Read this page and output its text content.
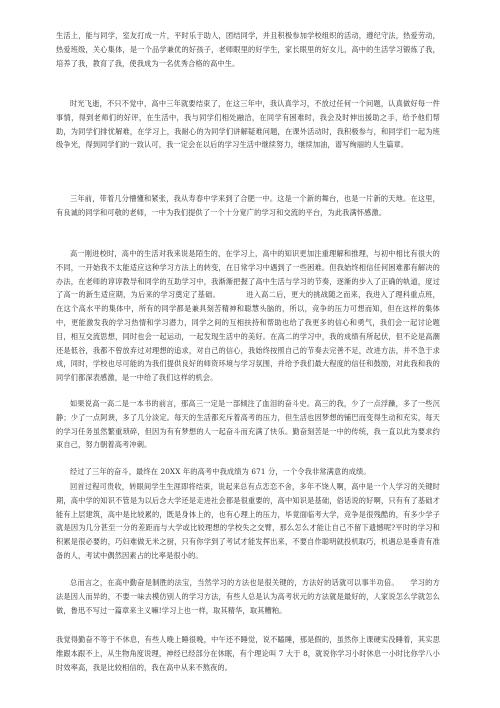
生活上，能与同学，室友打成一片，平时乐于助人，团结同学，并且积极参加学校组织的活动，遵纪守法，热爱劳动，热爱班级，关心集体，是一个品学兼优的好孩子，老师眼里的好学生，家长眼里的好女儿，高中的生活学习锻炼了我，培养了我，教育了我，使我成为一名优秀合格的高中生。

时光飞逝，不只不觉中，高中三年就要结束了，在这三年中，我认真学习，不放过任何一个问题，认真做好每一件事情，得到老师们的好评，在生活中，我与同学们相处融洽，在同学有困难时，我会及时伸出援助之手，给予他们帮助，为同学们排忧解难，在学习上，我耐心的为同学们讲解疑难问题，在课外活动时，我积极参与，和同学们一起为班级争光，得到同学们的一致认可，我一定会在以后的学习生活中继续努力，继续加油，谱写绚丽的人生篇章。

三年前，带着几分懵懂和紧张，我从寿春中学来到了合肥一中。这是一个新的舞台，也是一片新的天地。在这里，有良诚的同学和可敬的老师，一中为我们提供了一个十分宽广的学习和交流的平台，为此我满怀感激。

高一刚进校时，高中的生活对我来说是陌生的，在学习上，高中的知识更加注重理解和推理，与初中相比有很大的不同，一开始我不太能适应这种学习方法上的转变，在日常学习中遇到了一些困难。但我始终相信任何困难都有解决的办法，在老师的谆谆教导和同学的互助学习中，我渐渐把握了高中生活与学习的节奏，逐渐的步入了正确的轨道，度过了高一的新生适应期，为后来的学习奠定了基础。　　　　进入高二后，更大的挑战随之而来，我进入了理科重点班，在这个高水平的集体中，所有的同学都是兼具刻苦精神和聪慧头脑的，所以，竞争的压力可想而知，但在这样的集体中，更能激发我的学习热情和学习潜力，同学之间的互相扶持和帮助也给了我更多的信心和勇气，我们会一起讨论题目，相互交流思想，同时也会一起运动，一起发现生活中的美好。在高二的学习中，我的成绩有所起伏，但不论是高潮还是低谷，我都不曾放弃过对理想的追求，对自己的信心，我始终按照自己的节奏去完善不足，改进方法，并不急于求成，同时，学校也尽可能的为我们提供良好的师资环境与学习氛围，并给予我们最大程度的信任和鼓励，对此我和我的同学们都深表感激，是一中给了我们这样的机会。

如果说高一高二是一本书的前言，那高三一定是一部倾注了血泪的奋斗史。高三的我，少了一点浮躁，多了一些沉静；少了一点阿谀，多了几分淡定。每天的生活都充斥着高考的压力，但生活也因梦想的铺巴而变得生动和充实，每天的学习任务虽然繁重琐碎，但因为有有梦想的人一起奋斗而充满了快乐。勤奋刻苦是一中的传统，我一直以此为要求约束自己，努力朝着高考冲刺。

经过了三年的奋斗，最终在 20XX 年的高考中我成绩为 671 分，一个令我非常满意的成绩。

回首过程可贵收，转眼间学生生涯即将结束，说起来总有点恋恋不舍，多年不饶人啊，高中是一个人学习的关键时期，高中学的知识不管是为以后念大学还是走进社会都是很重要的，高中知识是基础，俗话说的好啊，只有有了基础才能有上层建筑，高中是比较累的，既是身体上的，也有心理上的压力，毕竟面临考大学，竞争是很残酷的，有多少学子就是因为几分甚至一分的差距而与大学或比较理想的学校失之交臂，那么怎么才能让自己不留下遗憾呢?平时的学习和积累是很必要的，巧妇难做无米之厨，只有你学到了考试才能发挥出来，不要自作聪明就投机取巧，机遇总是垂青有准备的人，考试中偶然因素占的比率是很小的。

总而言之，在高中勤奋是制胜的法宝，当然学习的方法也是很关键的，方法好的话就可以事半功倍。　　学习的方法是因人而异的，不要一味去模仿别人的学习方法，有些人总是认为高考状元的方法就是最好的，人家说怎么学就怎么做，鲁迅不写过一篇章来主义嘛!学习上也一样，取其精华，取其糟粕。

我觉得勤奋不等于不休息，有些人晚上睡很晚，中午还不睡觉，说不瞌睡，那是假的，虽然你上课硬实没睡着，其实思维跟本跟不上，从生物角度说理，神经已经部分在休眠，有个理论叫 7 大于 8，就说你学习小时休息一小时比你学八小时效率高，我是比较相信的，我在高中从来不熬夜的。
